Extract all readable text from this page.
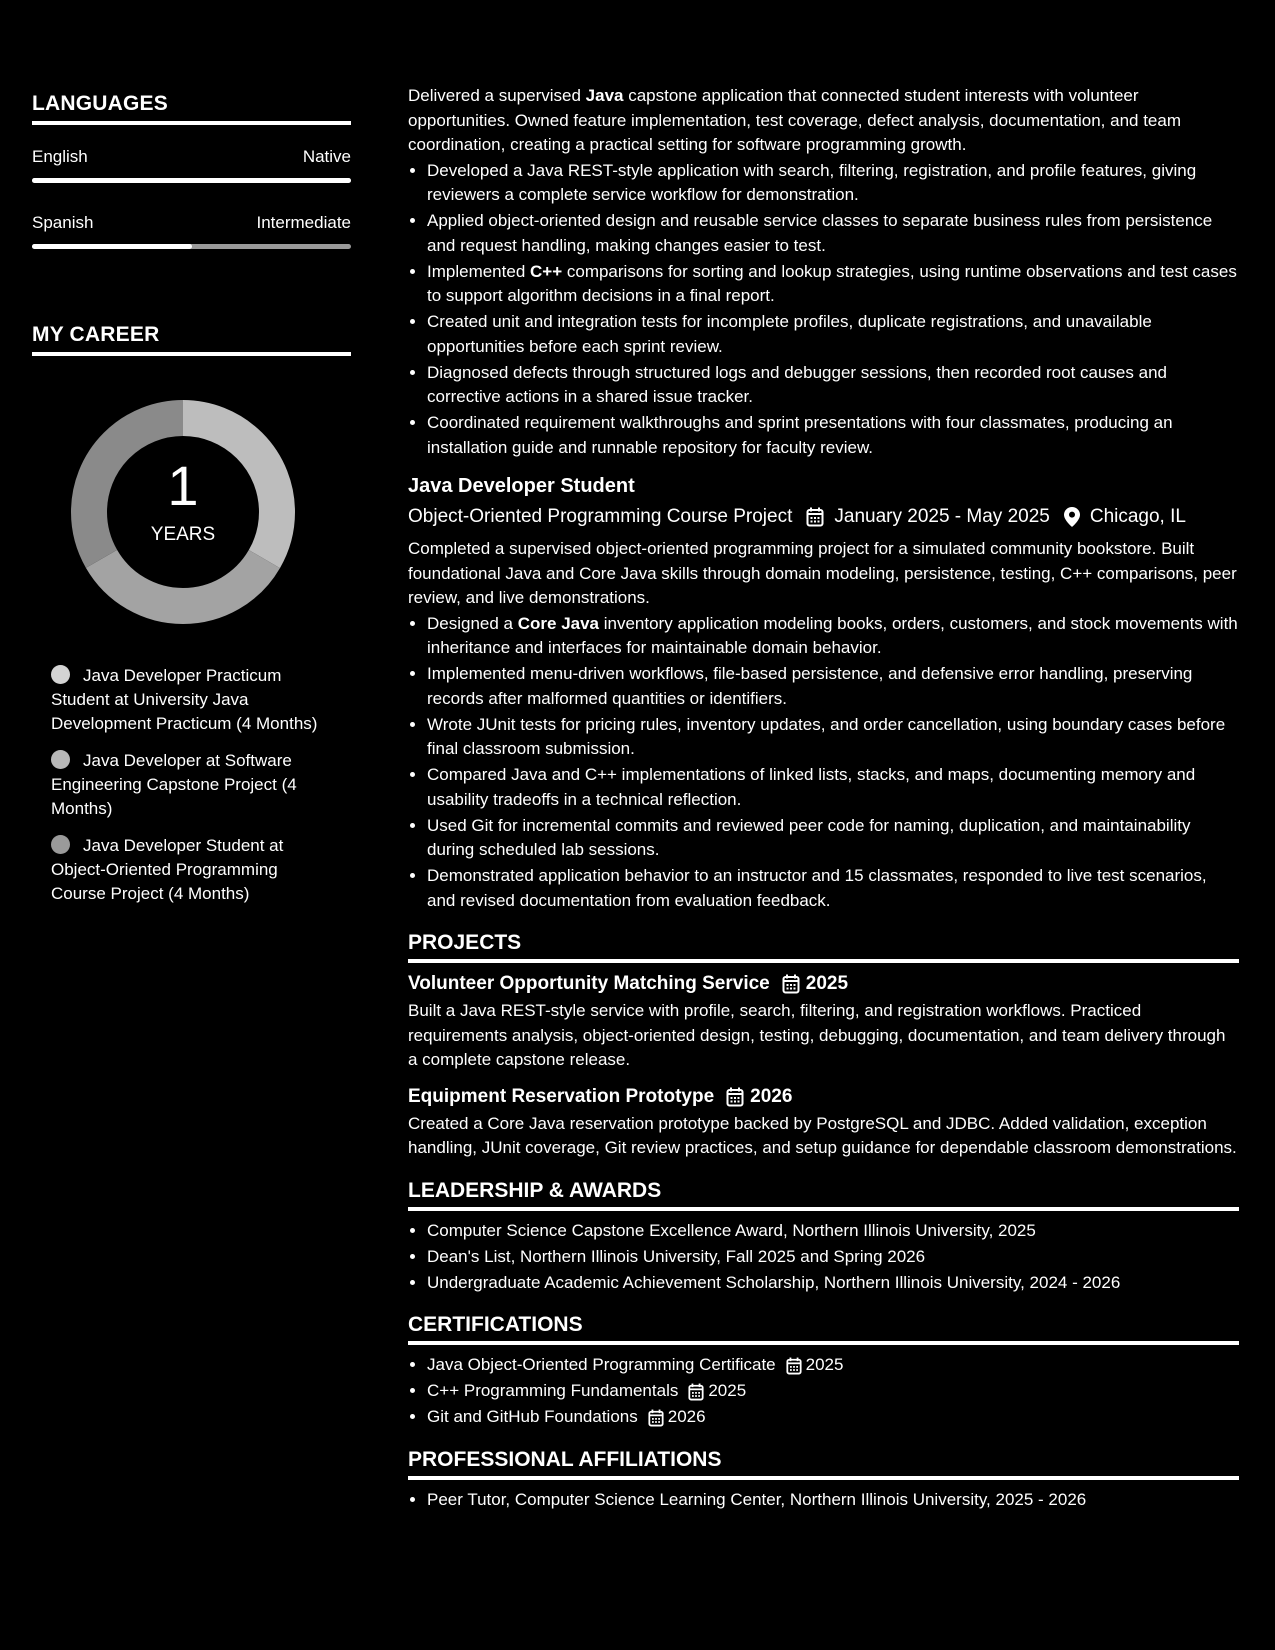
LANGUAGES
English	Native
Spanish	Intermediate
MY CAREER
1
YEARS
Java Developer Practicum Student at University Java Development Practicum (4 Months)
Java Developer at Software Engineering Capstone Project (4 Months)
Java Developer Student at Object-Oriented Programming Course Project (4 Months)

Delivered a supervised Java capstone application that connected student interests with volunteer opportunities. Owned feature implementation, test coverage, defect analysis, documentation, and team coordination, creating a practical setting for software programming growth.

• Developed a Java REST-style application with search, filtering, registration, and profile features, giving reviewers a complete service workflow for demonstration.
• Applied object-oriented design and reusable service classes to separate business rules from persistence and request handling, making changes easier to test.
• Implemented C++ comparisons for sorting and lookup strategies, using runtime observations and test cases to support algorithm decisions in a final report.
• Created unit and integration tests for incomplete profiles, duplicate registrations, and unavailable opportunities before each sprint review.
• Diagnosed defects through structured logs and debugger sessions, then recorded root causes and corrective actions in a shared issue tracker.
• Coordinated requirement walkthroughs and sprint presentations with four classmates, producing an installation guide and runnable repository for faculty review.
Java Developer Student
Object-Oriented Programming Course Project January 2025 - May 2025 Chicago, IL

Completed a supervised object-oriented programming project for a simulated community bookstore. Built foundational Java and Core Java skills through domain modeling, persistence, testing, C++ comparisons, peer review, and live demonstrations.

• Designed a Core Java inventory application modeling books, orders, customers, and stock movements with inheritance and interfaces for maintainable domain behavior.
• Implemented menu-driven workflows, file-based persistence, and defensive error handling, preserving records after malformed quantities or identifiers.
• Wrote JUnit tests for pricing rules, inventory updates, and order cancellation, using boundary cases before final classroom submission.
• Compared Java and C++ implementations of linked lists, stacks, and maps, documenting memory and usability tradeoffs in a technical reflection.
• Used Git for incremental commits and reviewed peer code for naming, duplication, and maintainability during scheduled lab sessions.
• Demonstrated application behavior to an instructor and 15 classmates, responded to live test scenarios, and revised documentation from evaluation feedback.
PROJECTS
Volunteer Opportunity Matching Service 2025

Built a Java REST-style service with profile, search, filtering, and registration workflows. Practiced requirements analysis, object-oriented design, testing, debugging, documentation, and team delivery through a complete capstone release.

Equipment Reservation Prototype 2026

Created a Core Java reservation prototype backed by PostgreSQL and JDBC. Added validation, exception handling, JUnit coverage, Git review practices, and setup guidance for dependable classroom demonstrations.

LEADERSHIP & AWARDS
• Computer Science Capstone Excellence Award, Northern Illinois University, 2025
• Dean's List, Northern Illinois University, Fall 2025 and Spring 2026
• Undergraduate Academic Achievement Scholarship, Northern Illinois University, 2024 - 2026
CERTIFICATIONS
• Java Object-Oriented Programming Certificate 2025
• C++ Programming Fundamentals 2025
• Git and GitHub Foundations 2026
PROFESSIONAL AFFILIATIONS
• Peer Tutor, Computer Science Learning Center, Northern Illinois University, 2025 - 2026
